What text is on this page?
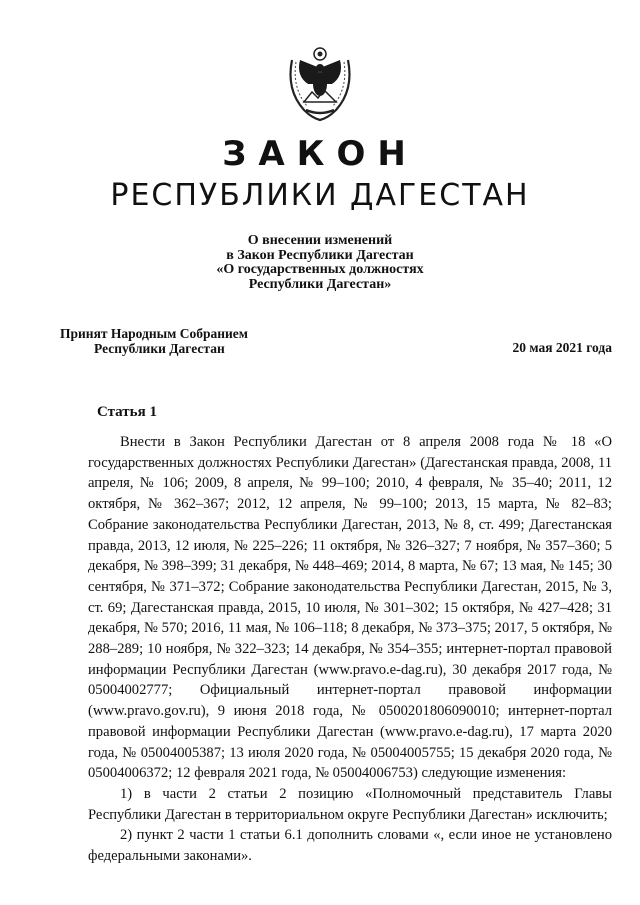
ЗАКОН
РЕСПУБЛИКИ ДАГЕСТАН
О внесении изменений
в Закон Республики Дагестан
«О государственных должностях
Республики Дагестан»
Принят Народным Собранием
Республики Дагестан	20 мая 2021 года
Статья 1

Внести в Закон Республики Дагестан от 8 апреля 2008 года № 18 «О государственных должностях Республики Дагестан» (Дагестанская правда, 2008, 11 апреля, № 106; 2009, 8 апреля, № 99–100; 2010, 4 февраля, № 35–40; 2011, 12 октября, № 362–367; 2012, 12 апреля, № 99–100; 2013, 15 марта, № 82–83; Собрание законодательства Республики Дагестан, 2013, № 8, ст. 499; Дагестанская правда, 2013, 12 июля, № 225–226; 11 октября, № 326–327; 7 ноября, № 357–360; 5 декабря, № 398–399; 31 декабря, № 448–469; 2014, 8 марта, № 67; 13 мая, № 145; 30 сентября, № 371–372; Собрание законодательства Республики Дагестан, 2015, № 3, ст. 69; Дагестанская правда, 2015, 10 июля, № 301–302; 15 октября, № 427–428; 31 декабря, № 570; 2016, 11 мая, № 106–118; 8 декабря, № 373–375; 2017, 5 октября, № 288–289; 10 ноября, № 322–323; 14 декабря, № 354–355; интернет-портал правовой информации Республики Дагестан (www.pravo.e-dag.ru), 30 декабря 2017 года, № 05004002777; Официальный интернет-портал правовой информации (www.pravo.gov.ru), 9 июня 2018 года, № 0500201806090010; интернет-портал правовой информации Республики Дагестан (www.pravo.e-dag.ru), 17 марта 2020 года, № 05004005387; 13 июля 2020 года, № 05004005755; 15 декабря 2020 года, № 05004006372; 12 февраля 2021 года, № 05004006753) следующие изменения:

1) в части 2 статьи 2 позицию «Полномочный представитель Главы Республики Дагестан в территориальном округе Республики Дагестан» исключить;

2) пункт 2 части 1 статьи 6.1 дополнить словами «, если иное не установлено федеральными законами».
